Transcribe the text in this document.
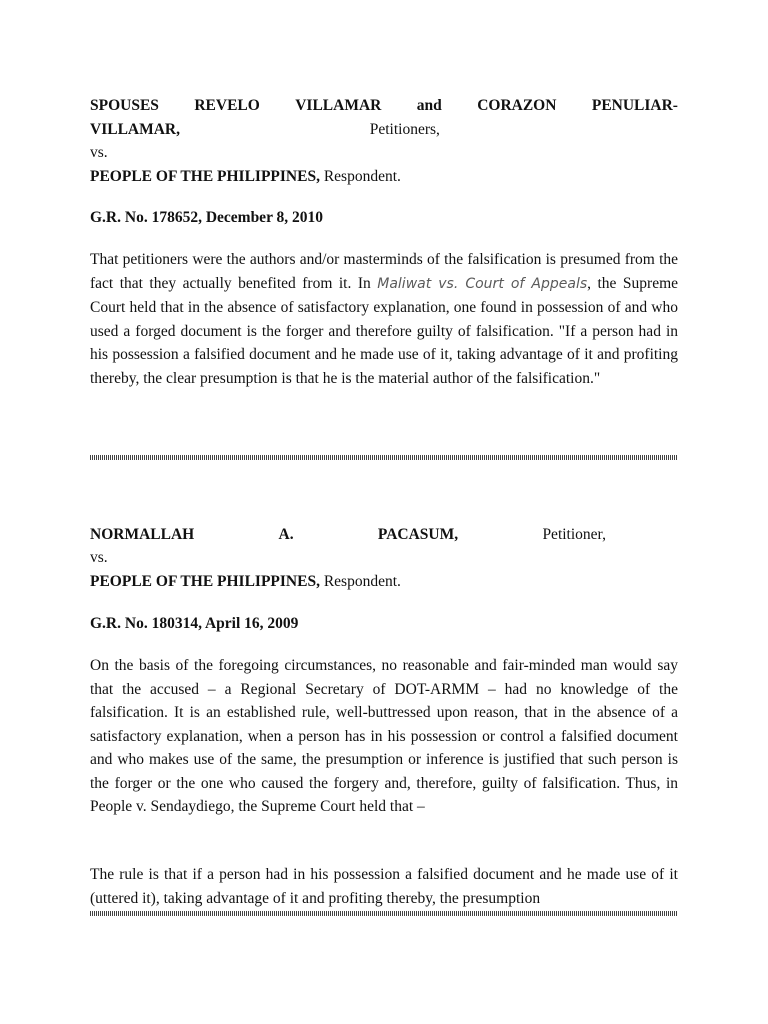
SPOUSES REVELO VILLAMAR and CORAZON PENULIAR-
VILLAMAR,	Petitioners,
vs.
PEOPLE OF THE PHILIPPINES, Respondent.
G.R. No. 178652, December 8, 2010

That petitioners were the authors and/or masterminds of the falsification is presumed from the fact that they actually benefited from it. In Maliwat vs. Court of Appeals, the Supreme Court held that in the absence of satisfactory explanation, one found in possession of and who used a forged document is the forger and therefore guilty of falsification. "If a person had in his possession a falsified document and he made use of it, taking advantage of it and profiting thereby, the clear presumption is that he is the material author of the falsification."

NORMALLAH	A.	PACASUM,	Petitioner,
vs.
PEOPLE OF THE PHILIPPINES, Respondent.
G.R. No. 180314, April 16, 2009

On the basis of the foregoing circumstances, no reasonable and fair-minded man would say that the accused – a Regional Secretary of DOT-ARMM – had no knowledge of the falsification. It is an established rule, well-buttressed upon reason, that in the absence of a satisfactory explanation, when a person has in his possession or control a falsified document and who makes use of the same, the presumption or inference is justified that such person is the forger or the one who caused the forgery and, therefore, guilty of falsification. Thus, in People v. Sendaydiego, the Supreme Court held that –

The rule is that if a person had in his possession a falsified document and he made use of it (uttered it), taking advantage of it and profiting thereby, the presumption
